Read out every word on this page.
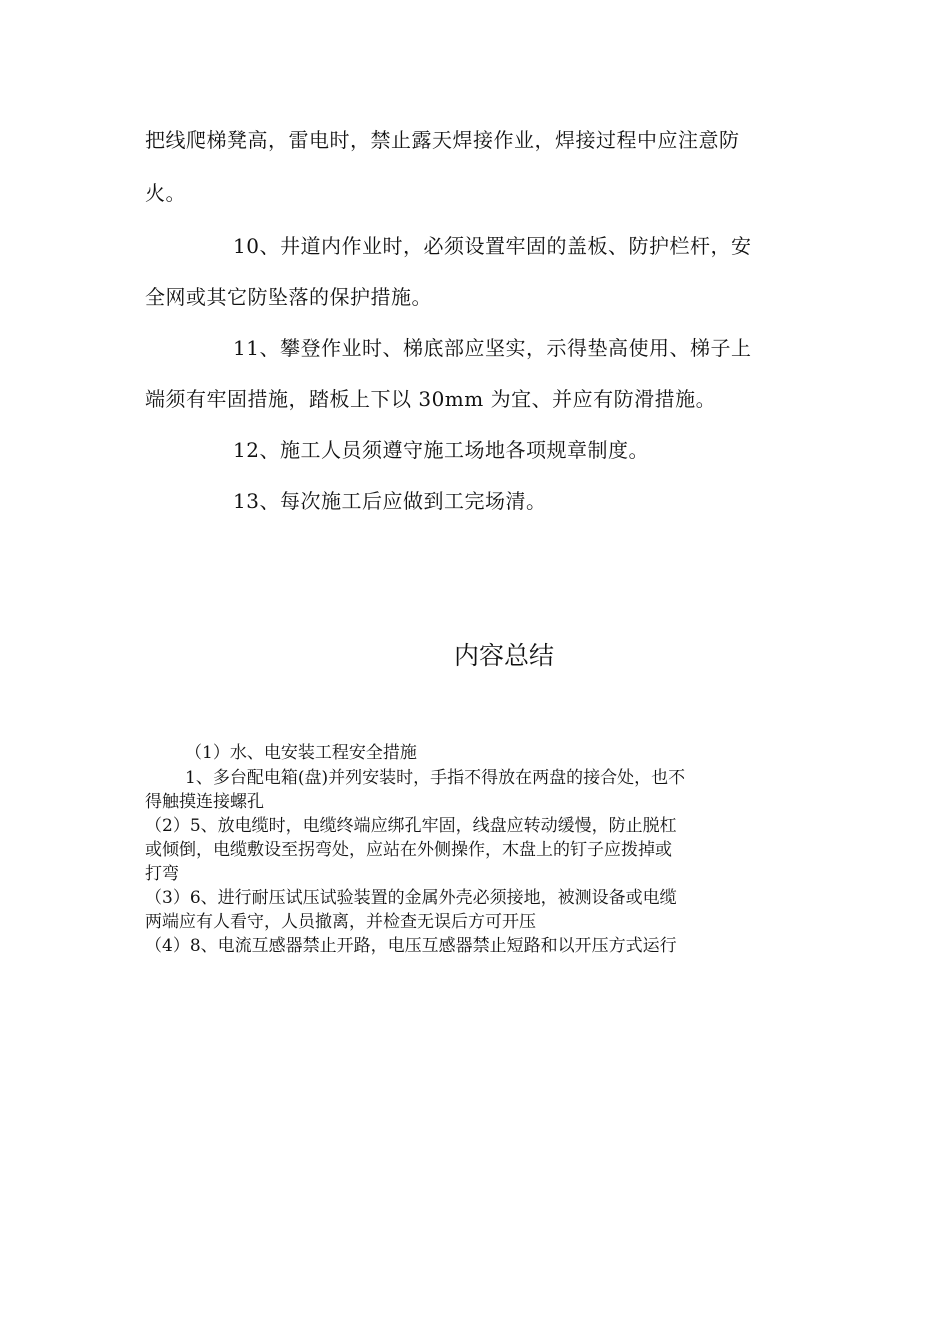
把线爬梯凳高，雷电时，禁止露天焊接作业，焊接过程中应注意防
火。
10、井道内作业时，必须设置牢固的盖板、防护栏杆，安
全网或其它防坠落的保护措施。
11、攀登作业时、梯底部应坚实，示得垫高使用、梯子上
端须有牢固措施，踏板上下以 30mm 为宜、并应有防滑措施。
12、施工人员须遵守施工场地各项规章制度。
13、每次施工后应做到工完场清。
内容总结
（1）水、电安装工程安全措施
1、多台配电箱(盘)并列安装时，手指不得放在两盘的接合处，也不
得触摸连接螺孔
（2）5、放电缆时，电缆终端应绑孔牢固，线盘应转动缓慢，防止脱杠
或倾倒，电缆敷设至拐弯处，应站在外侧操作，木盘上的钉子应拨掉或
打弯
（3）6、进行耐压试压试验装置的金属外壳必须接地，被测设备或电缆
两端应有人看守，人员撤离，并检查无误后方可开压
（4）8、电流互感器禁止开路，电压互感器禁止短路和以开压方式运行
